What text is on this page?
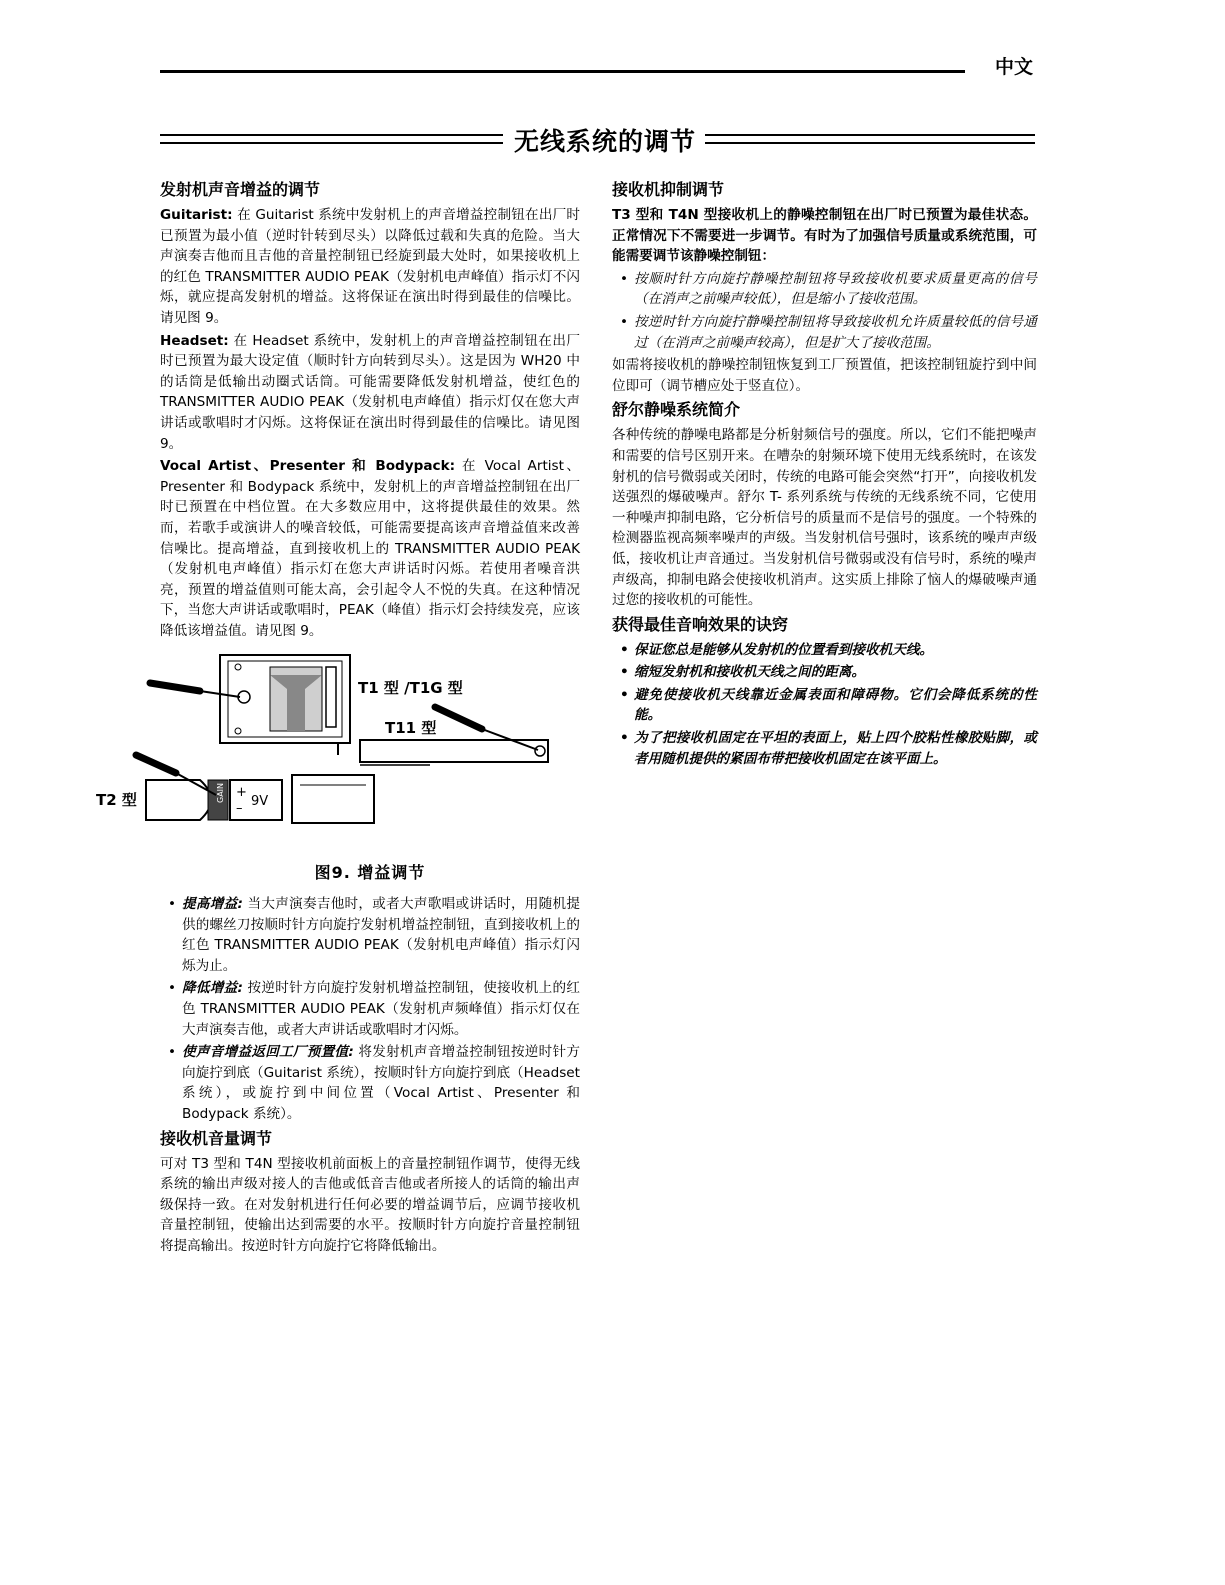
中文
无线系统的调节
发射机声音增益的调节

Guitarist: 在 Guitarist 系统中发射机上的声音增益控制钮在出厂时已预置为最小值（逆时针转到尽头）以降低过载和失真的危险。当大声演奏吉他而且吉他的音量控制钮已经旋到最大处时，如果接收机上的红色 TRANSMITTER AUDIO PEAK（发射机电声峰值）指示灯不闪烁，就应提高发射机的增益。这将保证在演出时得到最佳的信噪比。请见图 9。

Headset: 在 Headset 系统中，发射机上的声音增益控制钮在出厂时已预置为最大设定值（顺时针方向转到尽头）。这是因为 WH20 中的话筒是低输出动圈式话筒。可能需要降低发射机增益，使红色的 TRANSMITTER AUDIO PEAK（发射机电声峰值）指示灯仅在您大声讲话或歌唱时才闪烁。这将保证在演出时得到最佳的信噪比。请见图 9。

Vocal Artist、Presenter 和 Bodypack: 在 Vocal Artist、Presenter 和 Bodypack 系统中，发射机上的声音增益控制钮在出厂时已预置在中档位置。在大多数应用中，这将提供最佳的效果。然而，若歌手或演讲人的噪音较低，可能需要提高该声音增益值来改善信噪比。提高增益，直到接收机上的 TRANSMITTER AUDIO PEAK（发射机电声峰值）指示灯在您大声讲话时闪烁。若使用者噪音洪亮，预置的增益值则可能太高，会引起令人不悦的失真。在这种情况下，当您大声讲话或歌唱时，PEAK（峰值）指示灯会持续发亮，应该降低该增益值。请见图 9。

GAIN +
– 9V
T1 型 /T1G 型
T11 型
T2 型
图9. 增益调节
• 提高增益: 当大声演奏吉他时，或者大声歌唱或讲话时，用随机提供的螺丝刀按顺时针方向旋拧发射机增益控制钮，直到接收机上的红色 TRANSMITTER AUDIO PEAK（发射机电声峰值）指示灯闪烁为止。
• 降低增益: 按逆时针方向旋拧发射机增益控制钮，使接收机上的红色 TRANSMITTER AUDIO PEAK（发射机声频峰值）指示灯仅在大声演奏吉他，或者大声讲话或歌唱时才闪烁。
• 使声音增益返回工厂预置值: 将发射机声音增益控制钮按逆时针方向旋拧到底（Guitarist 系统），按顺时针方向旋拧到底（Headset 系统），或旋拧到中间位置（Vocal Artist、Presenter 和 Bodypack 系统）。
接收机音量调节

可对 T3 型和 T4N 型接收机前面板上的音量控制钮作调节，使得无线系统的输出声级对接人的吉他或低音吉他或者所接人的话筒的输出声级保持一致。在对发射机进行任何必要的增益调节后，应调节接收机音量控制钮，使输出达到需要的水平。按顺时针方向旋拧音量控制钮将提高输出。按逆时针方向旋拧它将降低输出。

接收机抑制调节

T3 型和 T4N 型接收机上的静噪控制钮在出厂时已预置为最佳状态。正常情况下不需要进一步调节。有时为了加强信号质量或系统范围，可能需要调节该静噪控制钮：

• 按顺时针方向旋拧静噪控制钮将导致接收机要求质量更高的信号（在消声之前噪声较低），但是缩小了接收范围。
• 按逆时针方向旋拧静噪控制钮将导致接收机允许质量较低的信号通过（在消声之前噪声较高），但是扩大了接收范围。

如需将接收机的静噪控制钮恢复到工厂预置值，把该控制钮旋拧到中间位即可（调节槽应处于竖直位）。

舒尔静噪系统简介

各种传统的静噪电路都是分析射频信号的强度。所以，它们不能把噪声和需要的信号区别开来。在嘈杂的射频环境下使用无线系统时，在该发射机的信号微弱或关闭时，传统的电路可能会突然“打开”，向接收机发送强烈的爆破噪声。舒尔 T- 系列系统与传统的无线系统不同，它使用一种噪声抑制电路，它分析信号的质量而不是信号的强度。一个特殊的检测器监视高频率噪声的声级。当发射机信号强时，该系统的噪声声级低，接收机让声音通过。当发射机信号微弱或没有信号时，系统的噪声声级高，抑制电路会使接收机消声。这实质上排除了恼人的爆破噪声通过您的接收机的可能性。

获得最佳音响效果的诀窍
• 保证您总是能够从发射机的位置看到接收机天线。
• 缩短发射机和接收机天线之间的距离。
• 避免使接收机天线靠近金属表面和障碍物。它们会降低系统的性能。
• 为了把接收机固定在平坦的表面上，贴上四个胶粘性橡胶贴脚，或者用随机提供的紧固布带把接收机固定在该平面上。
